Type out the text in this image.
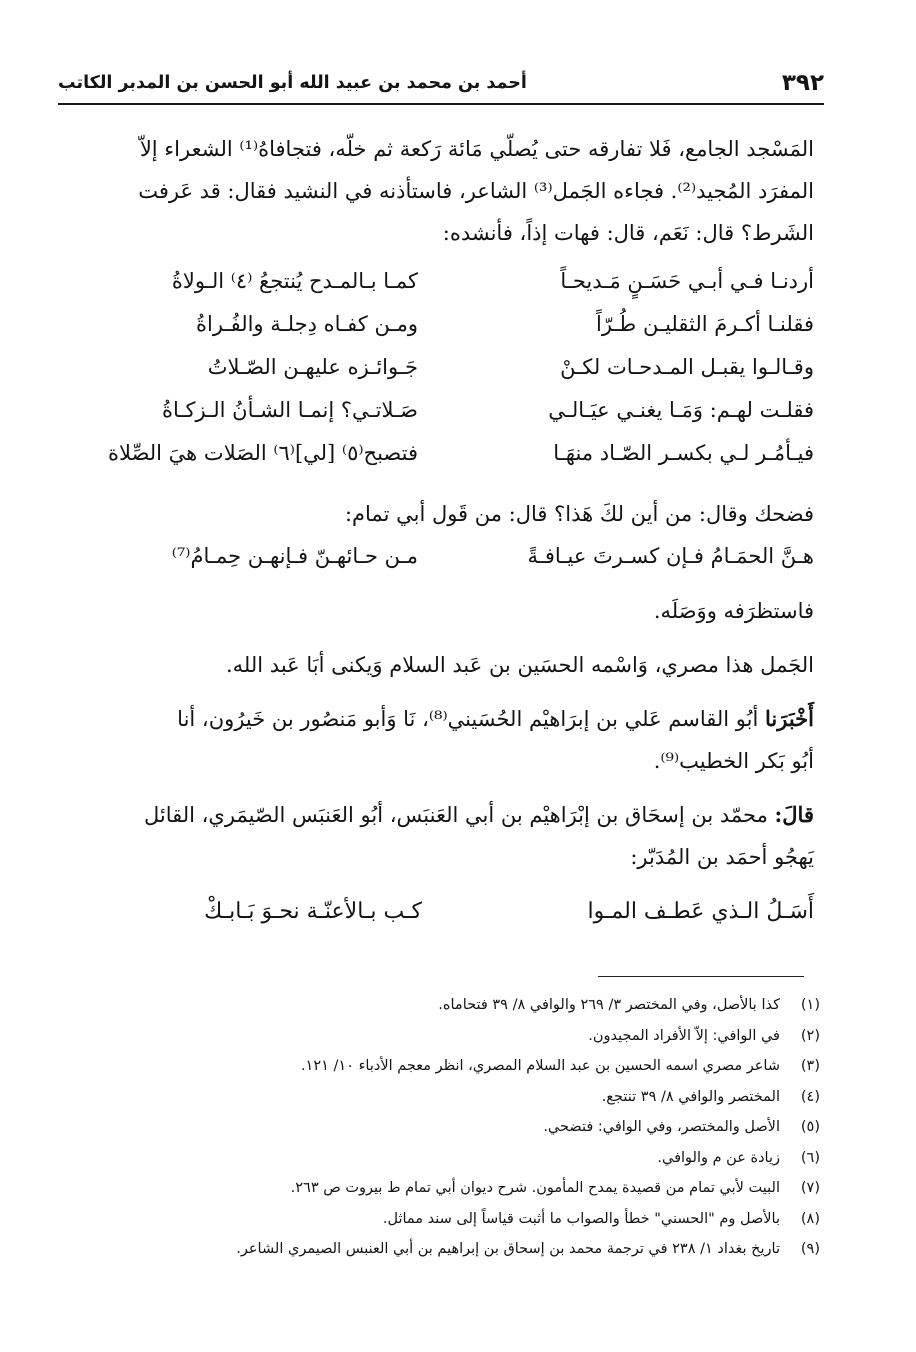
٣٩٢
أحمد بن محمد بن عبيد الله أبو الحسن بن المدبر الكاتب
المَسْجد الجامع، فَلا تفارقه حتى يُصلّي مَائة رَكعة ثم خلّه، فتجافاهُ⁽¹⁾ الشعراء إلاّ
المفرَد المُجيد⁽²⁾. فجاءه الجَمل⁽³⁾ الشاعر، فاستأذنه في النشيد فقال: قد عَرفت
الشَرط؟ قال: نَعَم، قال: فهات إذاً، فأنشده:
أردنـا فـي أبـي حَسَـنٍ مَـديحـاً
كمـا بـالمـدح يُنتجعُ ⁽٤⁾ الـولاةُ
فقلنـا أكـرمَ الثقليـن طُـرّاً
ومـن كفـاه دِجلـة والفُـراةُ
وقـالـوا يقبـل المـدحـات لكـنْ
جَـوائـزه عليهـن الصّـلاتُ
فقلـت لهـم: وَمَـا يغنـي عيَـالـي
صَـلاتـي؟ إنمـا الشـأنُ الـزكـاةُ
فيـأمُـر لـي بكسـر الصّـاد منهَـا
فتصبح⁽٥⁾ [لي]⁽٦⁾ الصَلات هيَ الصِّلاة
فضحك وقال: من أين لكَ هَذا؟ قال: من قَول أبي تمام:
هـنَّ الحمَـامُ فـإن كسـرتَ عيـافـةً
مـن حـائهـنّ فـإنهـن حِمـامُ⁽⁷⁾
فاستظرَفه ووَصَلَه.
الجَمل هذا مصري، وَاسْمه الحسَين بن عَبد السلام وَيكنى أبَا عَبد الله.
أَخْبَرَنا أبُو القاسم عَلي بن إبرَاهيْم الحُسَيني⁽⁸⁾، نَا وَأبو مَنصُور بن خَيرُون، أنا
أبُو بَكر الخطيب⁽⁹⁾.
قالَ: محمّد بن إسحَاق بن إبْرَاهيْم بن أبي العَنبَس، أبُو العَنبَس الصّيمَري، القائل
يَهجُو أحمَد بن المُدَبّر:
أَسَـلُ الـذي عَطـف المـوا
كـب بـالأعنّـة نحـوَ بَـابـكْ
(١)
كذا بالأصل، وفي المختصر ٣/ ٢٦٩ والوافي ٨/ ٣٩ فتحاماه.
(٢)
في الوافي: إلاّ الأفراد المجيدون.
(٣)
شاعر مصري اسمه الحسين بن عبد السلام المصري، انظر معجم الأدباء ١٠/ ١٢١.
(٤)
المختصر والوافي ٨/ ٣٩ تنتجع.
(٥)
الأصل والمختصر، وفي الوافي: فتضحي.
(٦)
زيادة عن م والوافي.
(٧)
البيت لأبي تمام من قصيدة يمدح المأمون. شرح ديوان أبي تمام ط بيروت ص ٢٦٣.
(٨)
بالأصل وم "الحسني" خطأ والصواب ما أثبت قياساً إلى سند مماثل.
(٩)
تاريخ بغداد ١/ ٢٣٨ في ترجمة محمد بن إسحاق بن إبراهيم بن أبي العنبس الصيمري الشاعر.
